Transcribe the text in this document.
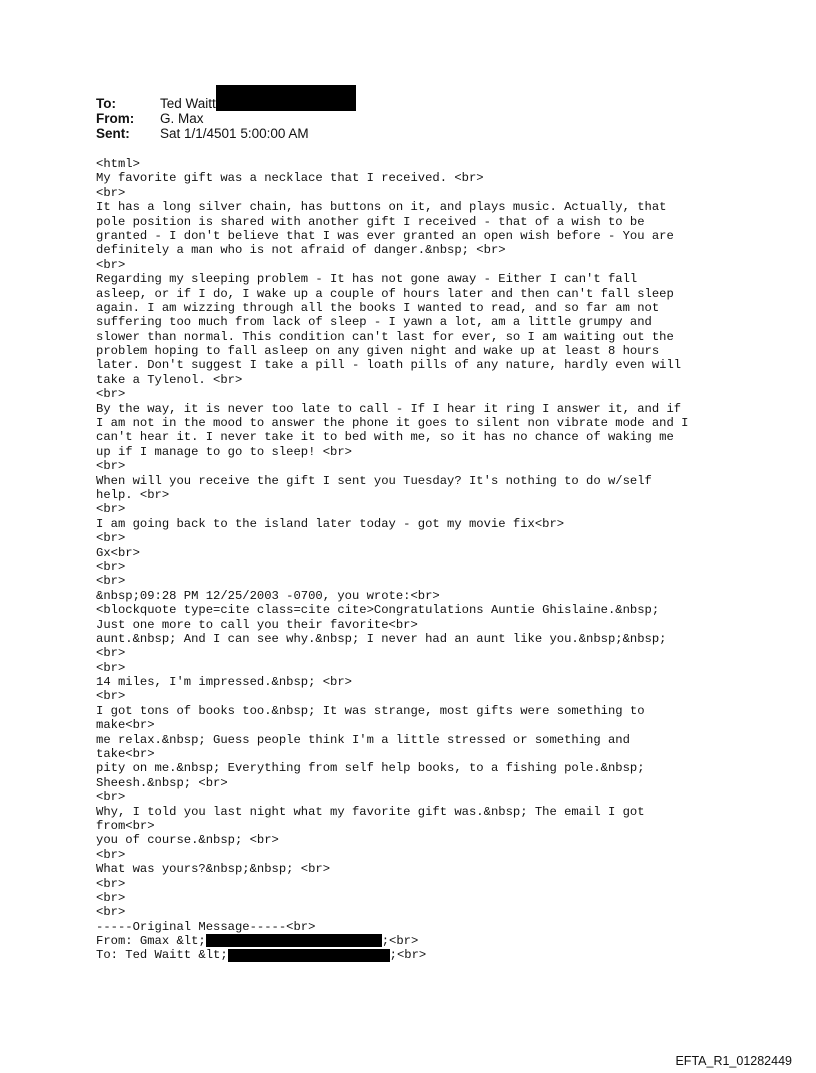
To:	Ted Waitt
From:	G. Max
Sent:	Sat 1/1/4501 5:00:00 AM
<html>
My favorite gift was a necklace that I received. <br>
<br>
It has a long silver chain, has buttons on it, and plays music. Actually, that
pole position is shared with another gift I received - that of a wish to be
granted - I don't believe that I was ever granted an open wish before - You are
definitely a man who is not afraid of danger.&nbsp; <br>
<br>
Regarding my sleeping problem - It has not gone away - Either I can't fall
asleep, or if I do, I wake up a couple of hours later and then can't fall sleep
again. I am wizzing through all the books I wanted to read, and so far am not
suffering too much from lack of sleep - I yawn a lot, am a little grumpy and
slower than normal. This condition can't last for ever, so I am waiting out the
problem hoping to fall asleep on any given night and wake up at least 8 hours
later. Don't suggest I take a pill - loath pills of any nature, hardly even will
take a Tylenol. <br>
<br>
By the way, it is never too late to call - If I hear it ring I answer it, and if
I am not in the mood to answer the phone it goes to silent non vibrate mode and I
can't hear it. I never take it to bed with me, so it has no chance of waking me
up if I manage to go to sleep! <br>
<br>
When will you receive the gift I sent you Tuesday? It's nothing to do w/self
help. <br>
<br>
I am going back to the island later today - got my movie fix<br>
<br>
Gx<br>
<br>
<br>
&nbsp;09:28 PM 12/25/2003 -0700, you wrote:<br>
<blockquote type=cite class=cite cite>Congratulations Auntie Ghislaine.&nbsp;
Just one more to call you their favorite<br>
aunt.&nbsp; And I can see why.&nbsp; I never had an aunt like you.&nbsp;&nbsp;
<br>
<br>
14 miles, I'm impressed.&nbsp; <br>
<br>
I got tons of books too.&nbsp; It was strange, most gifts were something to
make<br>
me relax.&nbsp; Guess people think I'm a little stressed or something and
take<br>
pity on me.&nbsp; Everything from self help books, to a fishing pole.&nbsp;
Sheesh.&nbsp; <br>
<br>
Why, I told you last night what my favorite gift was.&nbsp; The email I got
from<br>
you of course.&nbsp; <br>
<br>
What was yours?&nbsp;&nbsp; <br>
<br>
<br>
<br>
-----Original Message-----<br>
From: Gmax &lt;	;<br>
To: Ted Waitt &lt;	;<br>
EFTA_R1_01282449
